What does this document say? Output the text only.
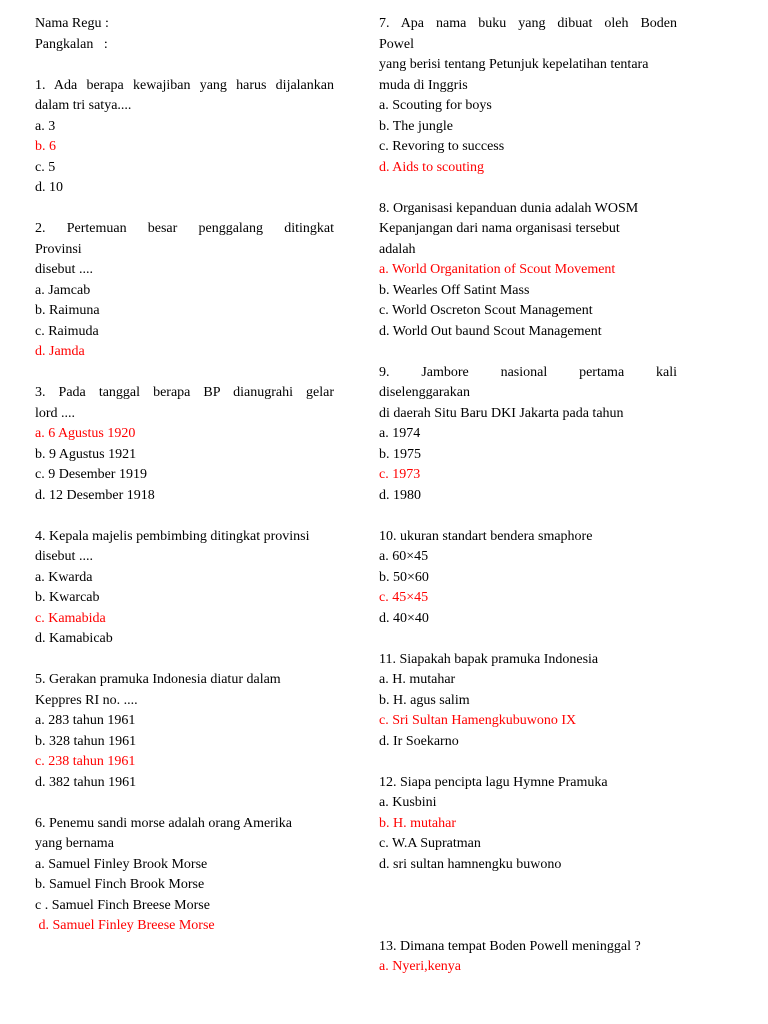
Nama Regu :
Pangkalan   :
1. Ada berapa kewajiban yang harus dijalankan
dalam tri satya....
a. 3
b. 6
c. 5
d. 10
2. Pertemuan besar penggalang ditingkat
Provinsi
disebut ....
a. Jamcab
b. Raimuna
c. Raimuda
d. Jamda
3. Pada tanggal berapa BP dianugrahi gelar
lord ....
a. 6 Agustus 1920
b. 9 Agustus 1921
c. 9 Desember 1919
d. 12 Desember 1918
4. Kepala majelis pembimbing ditingkat provinsi
disebut ....
a. Kwarda
b. Kwarcab
c. Kamabida
d. Kamabicab
5. Gerakan pramuka Indonesia diatur dalam
Keppres RI no. ....
a. 283 tahun 1961
b. 328 tahun 1961
c. 238 tahun 1961
d. 382 tahun 1961
6. Penemu sandi morse adalah orang Amerika
yang bernama
a. Samuel Finley Brook Morse
b. Samuel Finch Brook Morse
c . Samuel Finch Breese Morse
d. Samuel Finley Breese Morse
7. Apa nama buku yang dibuat oleh Boden
Powel
yang berisi tentang Petunjuk kepelatihan tentara
muda di Inggris
a. Scouting for boys
b. The jungle
c. Revoring to success
d. Aids to scouting
8. Organisasi kepanduan dunia adalah WOSM
Kepanjangan dari nama organisasi tersebut
adalah
a. World Organitation of Scout Movement
b. Wearles Off Satint Mass
c. World Oscreton Scout Management
d. World Out baund Scout Management
9. Jambore nasional pertama kali
diselenggarakan
di daerah Situ Baru DKI Jakarta pada tahun
a. 1974
b. 1975
c. 1973
d. 1980
10. ukuran standart bendera smaphore
a. 60×45
b. 50×60
c. 45×45
d. 40×40
11. Siapakah bapak pramuka Indonesia
a. H. mutahar
b. H. agus salim
c. Sri Sultan Hamengkubuwono IX
d. Ir Soekarno
12. Siapa pencipta lagu Hymne Pramuka
a. Kusbini
b. H. mutahar
c. W.A Supratman
d. sri sultan hamnengku buwono
13. Dimana tempat Boden Powell meninggal ?
a. Nyeri,kenya
